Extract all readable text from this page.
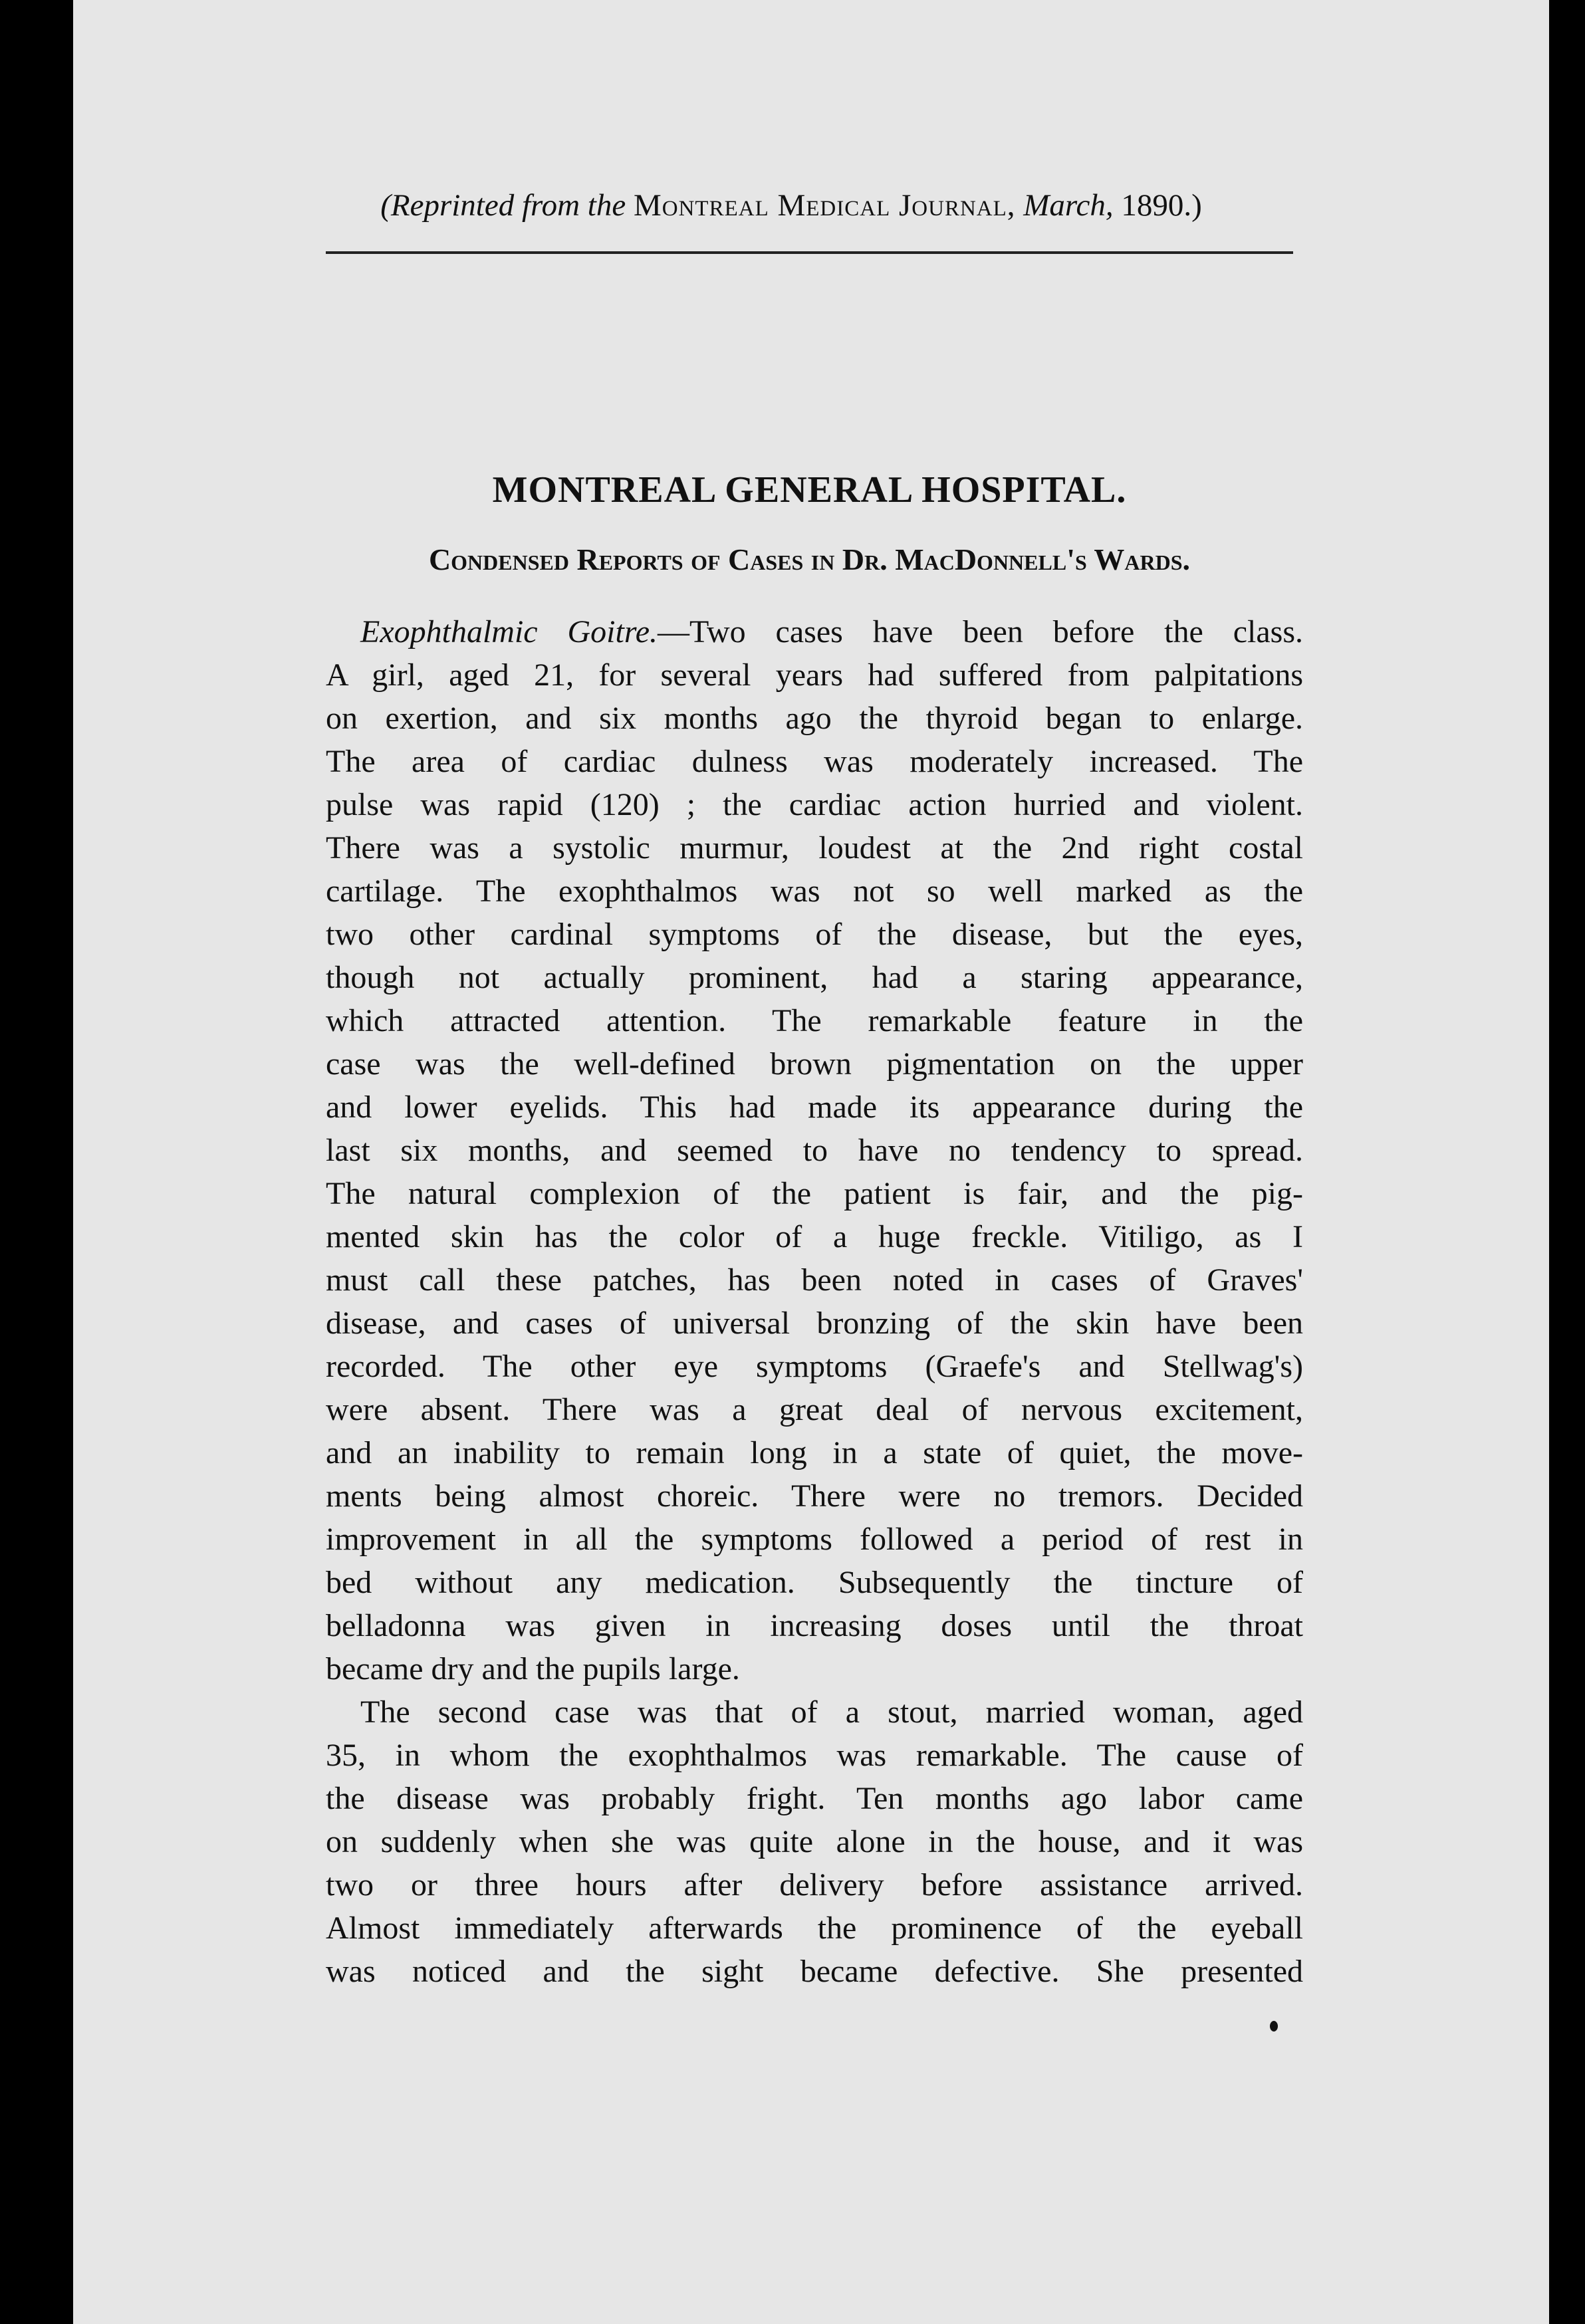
(Reprinted from the Montreal Medical Journal, March, 1890.)
MONTREAL GENERAL HOSPITAL.
Condensed Reports of Cases in Dr. MacDonnell's Wards.
Exophthalmic Goitre.—Two cases have been before the class.
A girl, aged 21, for several years had suffered from palpitations
on exertion, and six months ago the thyroid began to enlarge.
The area of cardiac dulness was moderately increased. The
pulse was rapid (120) ; the cardiac action hurried and violent.
There was a systolic murmur, loudest at the 2nd right costal
cartilage. The exophthalmos was not so well marked as the
two other cardinal symptoms of the disease, but the eyes,
though not actually prominent, had a staring appearance,
which attracted attention. The remarkable feature in the
case was the well-defined brown pigmentation on the upper
and lower eyelids. This had made its appearance during the
last six months, and seemed to have no tendency to spread.
The natural complexion of the patient is fair, and the pig-
mented skin has the color of a huge freckle. Vitiligo, as I
must call these patches, has been noted in cases of Graves'
disease, and cases of universal bronzing of the skin have been
recorded. The other eye symptoms (Graefe's and Stellwag's)
were absent. There was a great deal of nervous excitement,
and an inability to remain long in a state of quiet, the move-
ments being almost choreic. There were no tremors. Decided
improvement in all the symptoms followed a period of rest in
bed without any medication. Subsequently the tincture of
belladonna was given in increasing doses until the throat
became dry and the pupils large.
The second case was that of a stout, married woman, aged
35, in whom the exophthalmos was remarkable. The cause of
the disease was probably fright. Ten months ago labor came
on suddenly when she was quite alone in the house, and it was
two or three hours after delivery before assistance arrived.
Almost immediately afterwards the prominence of the eyeball
was noticed and the sight became defective. She presented
